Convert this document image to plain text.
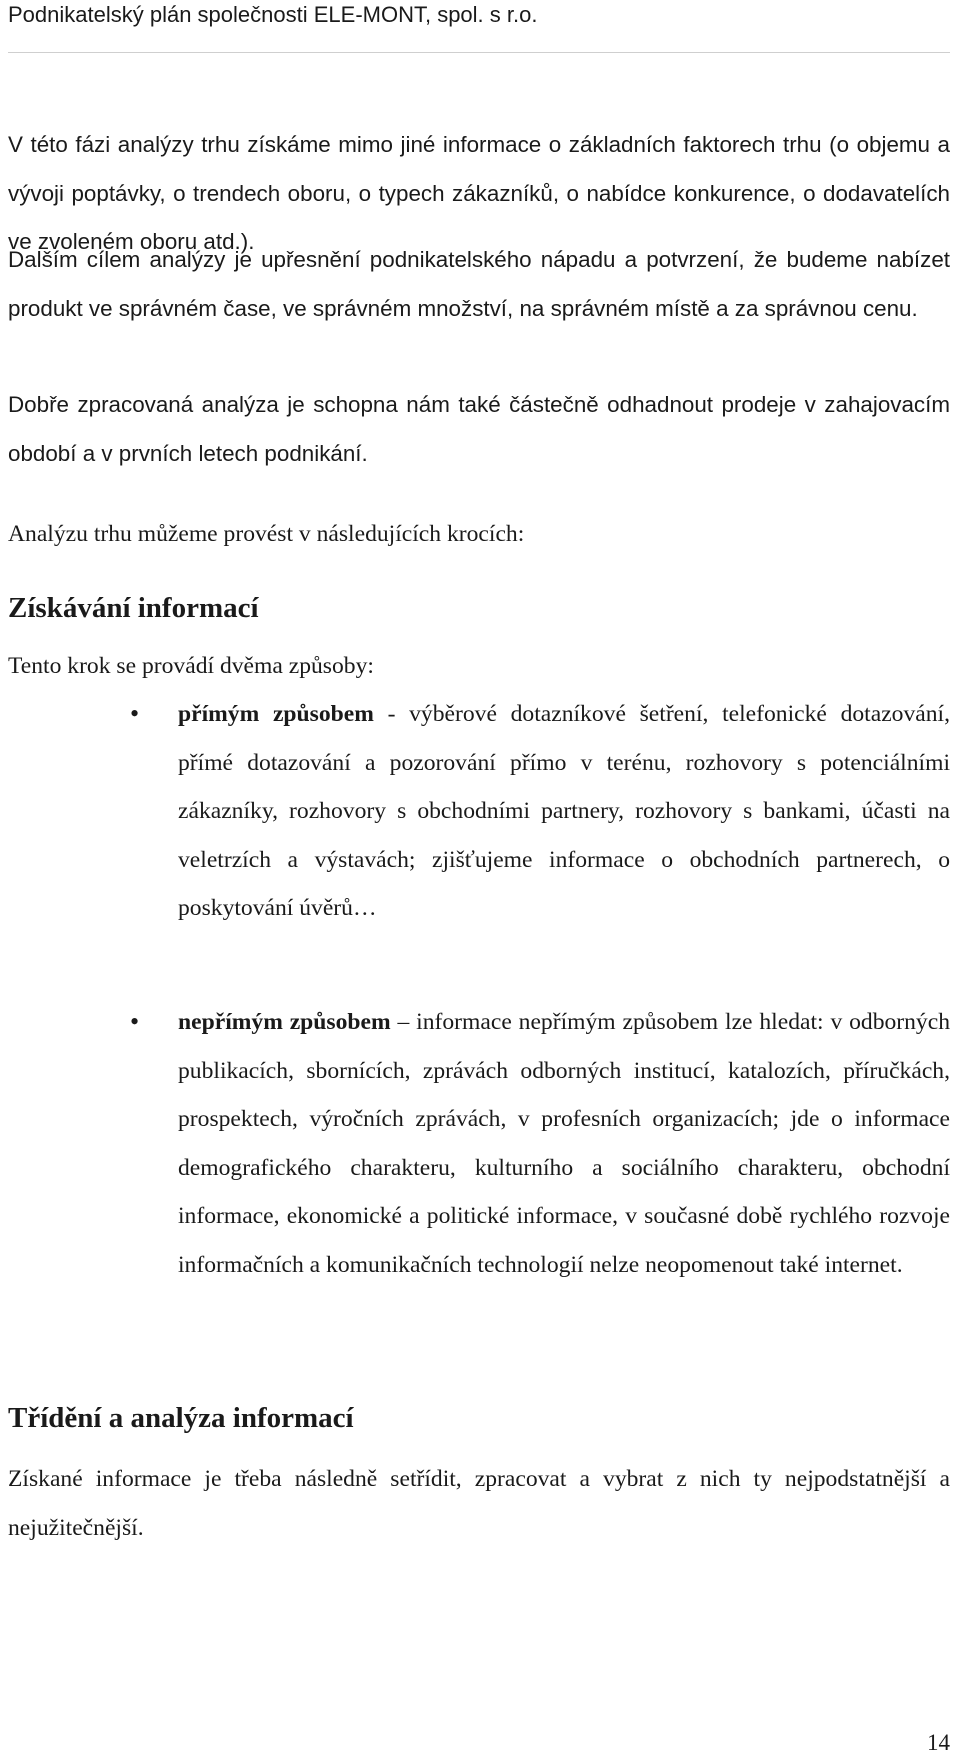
Podnikatelský plán společnosti ELE-MONT, spol. s r.o.
V této fázi analýzy trhu získáme mimo jiné informace o základních faktorech trhu (o objemu a vývoji poptávky, o trendech oboru, o typech zákazníků, o nabídce konkurence, o dodavatelích ve zvoleném oboru atd.).
Dalším cílem analýzy je upřesnění podnikatelského nápadu a potvrzení, že budeme nabízet produkt ve správném čase, ve správném množství, na správném místě a za správnou cenu.
Dobře zpracovaná analýza je schopna nám také částečně odhadnout prodeje v zahajovacím období a v prvních letech podnikání.
Analýzu trhu můžeme provést v následujících krocích:
Získávání informací
Tento krok se provádí dvěma způsoby:
• přímým způsobem - výběrové dotazníkové šetření, telefonické dotazování, přímé dotazování a pozorování přímo v terénu, rozhovory s potenciálními zákazníky, rozhovory s obchodními partnery, rozhovory s bankami, účasti na veletrzích a výstavách; zjišťujeme informace o obchodních partnerech, o poskytování úvěrů…
• nepřímým způsobem – informace nepřímým způsobem lze hledat: v odborných publikacích, sbornících, zprávách odborných institucí, katalozích, příručkách, prospektech, výročních zprávách, v profesních organizacích; jde o informace demografického charakteru, kulturního a sociálního charakteru, obchodní informace, ekonomické a politické informace, v současné době rychlého rozvoje informačních a komunikačních technologií nelze neopomenout také internet.
Třídění a analýza informací
Získané informace je třeba následně setřídit, zpracovat a vybrat z nich ty nejpodstatnější a nejužitečnější.
14
